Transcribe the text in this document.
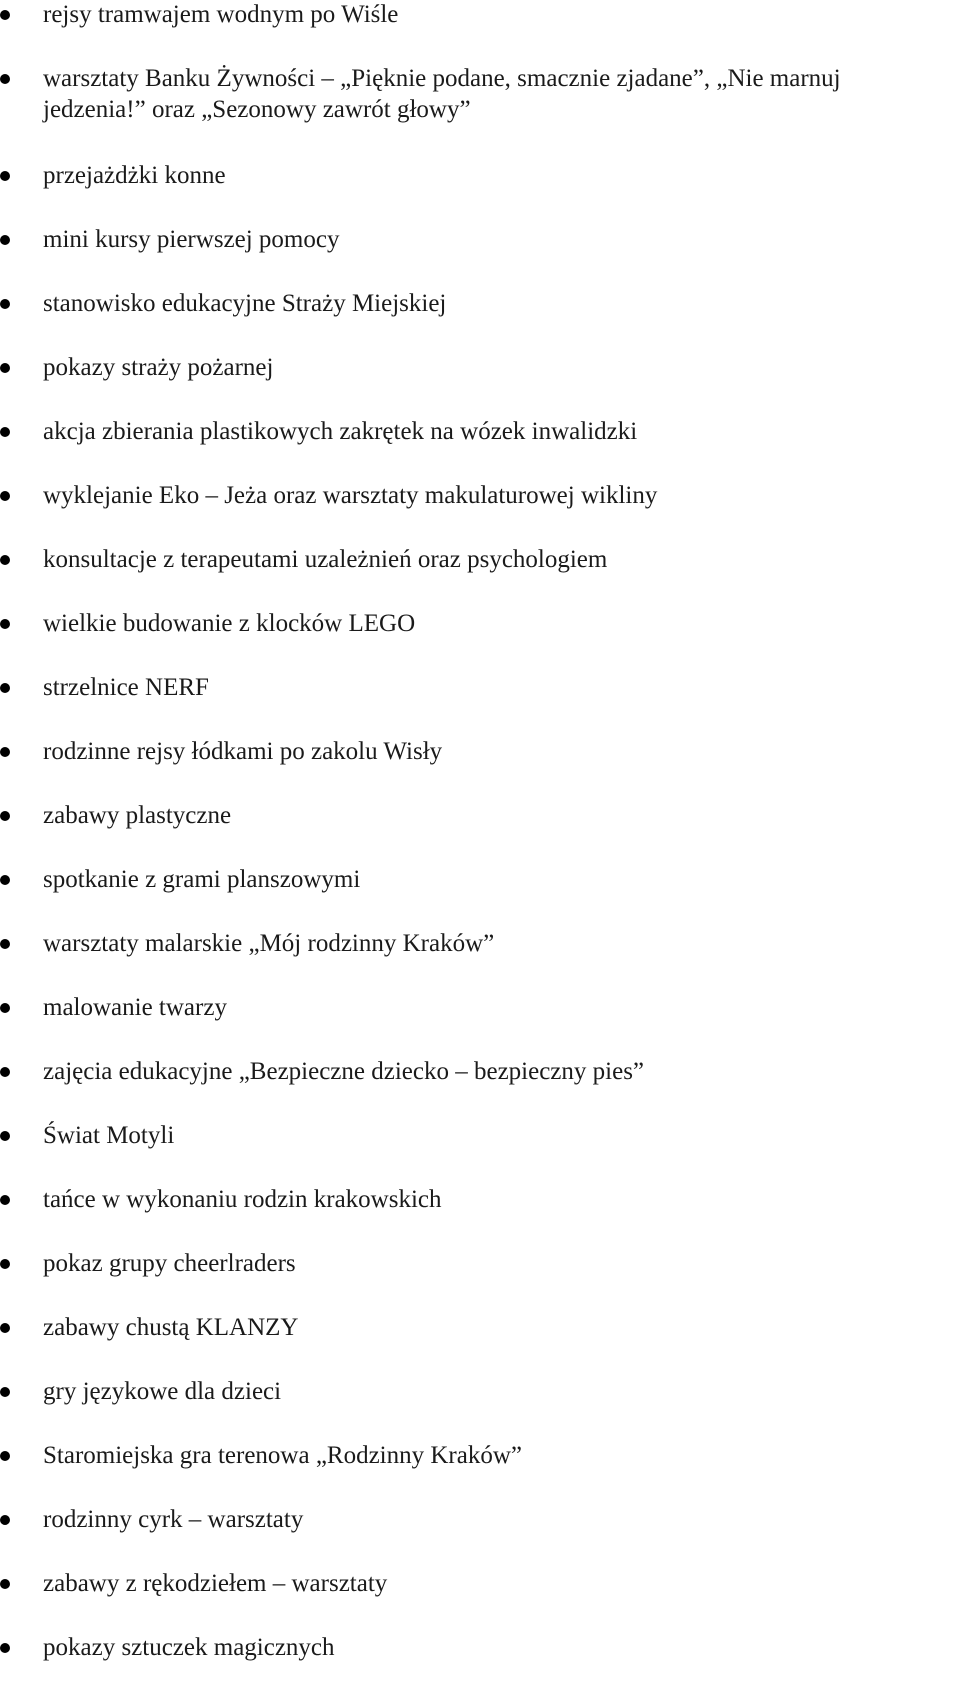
rejsy tramwajem wodnym po Wiśle
warsztaty Banku Żywności – „Pięknie podane, smacznie zjadane”, „Nie marnuj
jedzenia!” oraz „Sezonowy zawrót głowy”
przejażdżki konne
mini kursy pierwszej pomocy
stanowisko edukacyjne Straży Miejskiej
pokazy straży pożarnej
akcja zbierania plastikowych zakrętek na wózek inwalidzki
wyklejanie Eko – Jeża oraz warsztaty makulaturowej wikliny
konsultacje z terapeutami uzależnień oraz psychologiem
wielkie budowanie z klocków LEGO
strzelnice NERF
rodzinne rejsy łódkami po zakolu Wisły
zabawy plastyczne
spotkanie z grami planszowymi
warsztaty malarskie „Mój rodzinny Kraków”
malowanie twarzy
zajęcia edukacyjne „Bezpieczne dziecko – bezpieczny pies”
Świat Motyli
tańce w wykonaniu rodzin krakowskich
pokaz grupy cheerlraders
zabawy chustą KLANZY
gry językowe dla dzieci
Staromiejska gra terenowa „Rodzinny Kraków”
rodzinny cyrk – warsztaty
zabawy z rękodziełem – warsztaty
pokazy sztuczek magicznych
